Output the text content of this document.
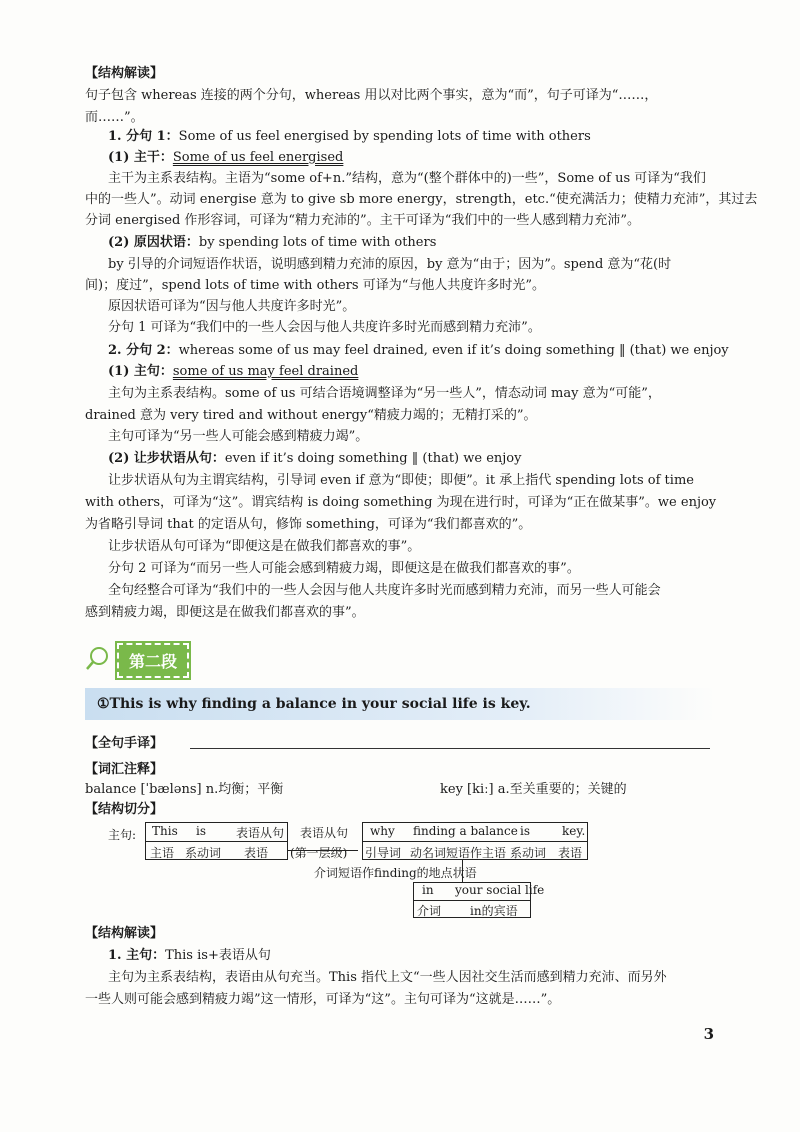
【结构解读】
句子包含 whereas 连接的两个分句，whereas 用以对比两个事实，意为“而”，句子可译为“……，
而……”。
1. 分句 1：Some of us feel energised by spending lots of time with others
(1) 主干：Some of us feel energised
主干为主系表结构。主语为“some of+n.”结构，意为“(整个群体中的)一些”，Some of us 可译为“我们
中的一些人”。动词 energise 意为 to give sb more energy，strength，etc.“使充满活力；使精力充沛”，其过去
分词 energised 作形容词，可译为“精力充沛的”。主干可译为“我们中的一些人感到精力充沛”。
(2) 原因状语：by spending lots of time with others
by 引导的介词短语作状语，说明感到精力充沛的原因，by 意为“由于；因为”。spend 意为“花(时
间)；度过”，spend lots of time with others 可译为“与他人共度许多时光”。
原因状语可译为“因与他人共度许多时光”。
分句 1 可译为“我们中的一些人会因与他人共度许多时光而感到精力充沛”。
2. 分句 2：whereas some of us may feel drained, even if it’s doing something ‖ (that) we enjoy
(1) 主句：some of us may feel drained
主句为主系表结构。some of us 可结合语境调整译为“另一些人”，情态动词 may 意为“可能”，
drained 意为 very tired and without energy“精疲力竭的；无精打采的”。
主句可译为“另一些人可能会感到精疲力竭”。
(2) 让步状语从句：even if it’s doing something ‖ (that) we enjoy
让步状语从句为主谓宾结构，引导词 even if 意为“即使；即便”。it 承上指代 spending lots of time
with others，可译为“这”。谓宾结构 is doing something 为现在进行时，可译为“正在做某事”。we enjoy
为省略引导词 that 的定语从句，修饰 something，可译为“我们都喜欢的”。
让步状语从句可译为“即便这是在做我们都喜欢的事”。
分句 2 可译为“而另一些人可能会感到精疲力竭，即便这是在做我们都喜欢的事”。
全句经整合可译为“我们中的一些人会因与他人共度许多时光而感到精力充沛，而另一些人可能会
感到精疲力竭，即便这是在做我们都喜欢的事”。
第二段
①This is why finding a balance in your social life is key.
【全句手译】
【词汇注释】
balance [ˈbæləns] n.均衡；平衡	key [kiː] a.至关重要的；关键的
【结构切分】
主句: This is	表语从句
主语 系动词 表语
表语从句
(第一层级)
why finding a balance is	key.
引导词 动名词短语作主语 系动词 表语
介词短语作finding的地点状语
in your social life
介词 in的宾语
【结构解读】
1. 主句：This is+表语从句
主句为主系表结构，表语由从句充当。This 指代上文“一些人因社交生活而感到精力充沛、而另外
一些人则可能会感到精疲力竭”这一情形，可译为“这”。主句可译为“这就是……”。
3
